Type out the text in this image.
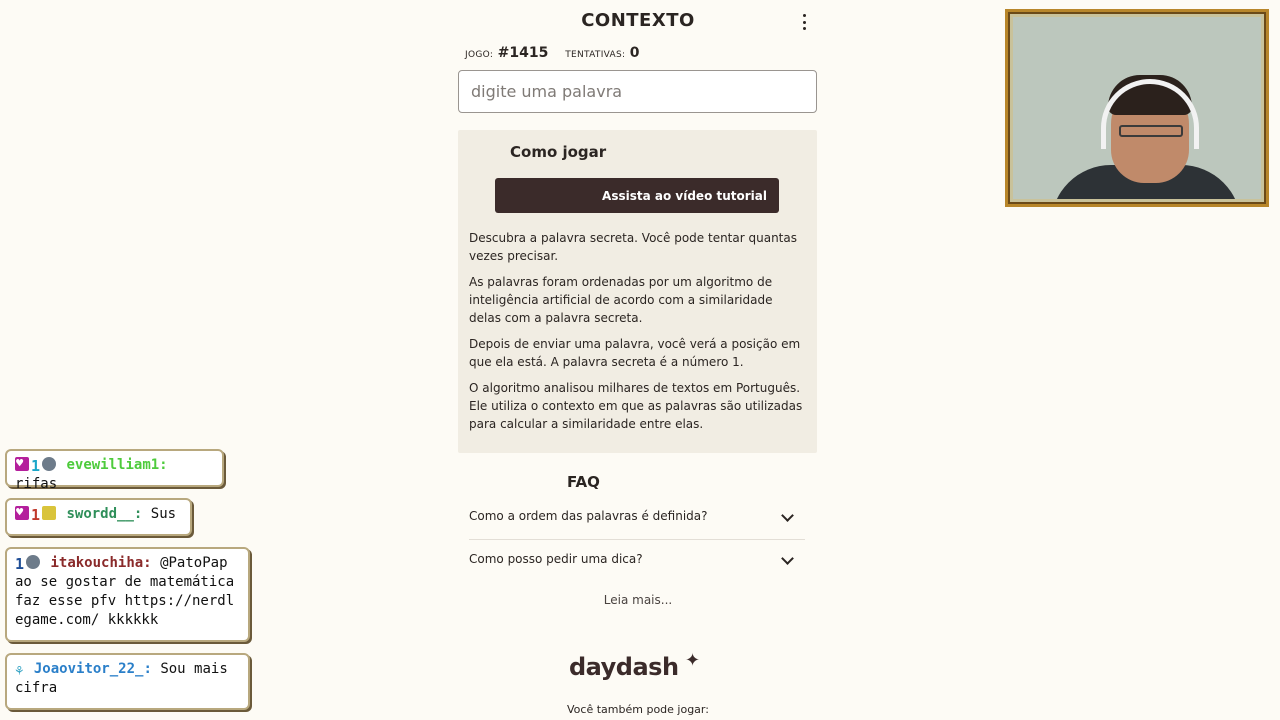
CONTEXTO
JOGO: #1415 TENTATIVAS: 0
digite uma palavra
Como jogar
Assista ao vídeo tutorial

Descubra a palavra secreta. Você pode tentar quantas vezes precisar.

As palavras foram ordenadas por um algoritmo de inteligência artificial de acordo com a similaridade delas com a palavra secreta.

Depois de enviar uma palavra, você verá a posição em que ela está. A palavra secreta é a número 1.

O algoritmo analisou milhares de textos em Português. Ele utiliza o contexto em que as palavras são utilizadas para calcular a similaridade entre elas.

FAQ
Como a ordem das palavras é definida?
Como posso pedir uma dica?
Leia mais...
daydash ✦
Você também pode jogar:
♥1 evewilliam1: rifas
♥1 swordd__: Sus
1 itakouchiha: @PatoPap ao se gostar de matemática faz esse pfv https://nerdlegame.com/ kkkkkk
⚘ Joaovitor_22_: Sou mais cifra
